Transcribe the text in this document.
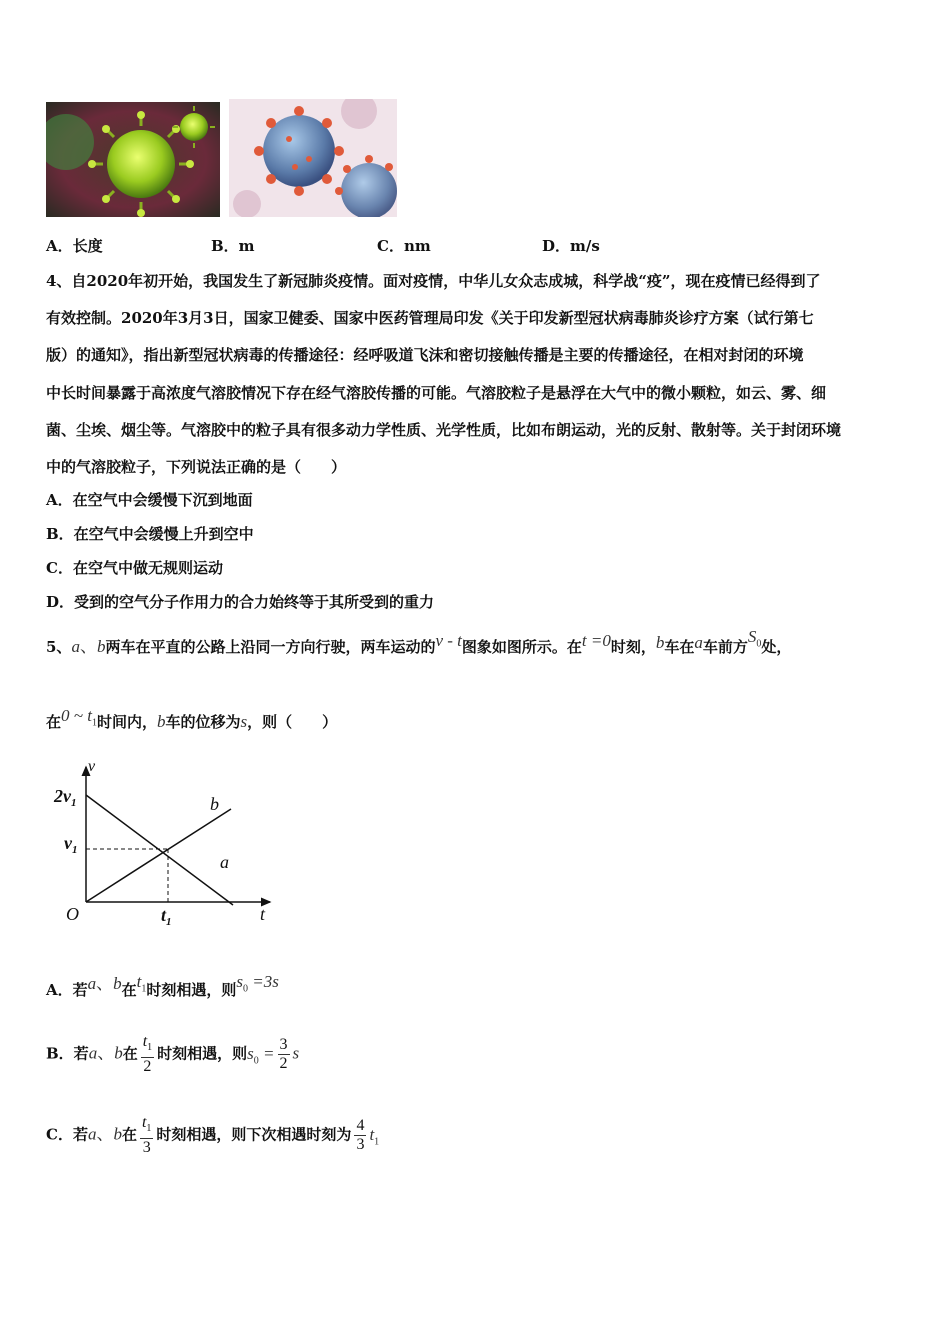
A．长度	B．m	C．nm	D．m/s
4、自2020年初开始，我国发生了新冠肺炎疫情。面对疫情，中华儿女众志成城，科学战“疫”，现在疫情已经得到了
有效控制。2020年3月3日，国家卫健委、国家中医药管理局印发《关于印发新型冠状病毒肺炎诊疗方案（试行第七
版）的通知》，指出新型冠状病毒的传播途径：经呼吸道飞沫和密切接触传播是主要的传播途径，在相对封闭的环境
中长时间暴露于高浓度气溶胶情况下存在经气溶胶传播的可能。气溶胶粒子是悬浮在大气中的微小颗粒，如云、雾、细
菌、尘埃、烟尘等。气溶胶中的粒子具有很多动力学性质、光学性质，比如布朗运动，光的反射、散射等。关于封闭环境
中的气溶胶粒子，下列说法正确的是（　　）
A．在空气中会缓慢下沉到地面
B．在空气中会缓慢上升到空中
C．在空气中做无规则运动
D．受到的空气分子作用力的合力始终等于其所受到的重力
5、a、b两车在平直的公路上沿同一方向行驶，两车运动的v - t图象如图所示。在t =0时刻，b车在a车前方$S_0$处，
在0 ~ $t_1$时间内，b车的位移为s，则（　　）
v
t
O
$2v_1$
$v_1$
$t_1$
b
a
A．若a、b在$t_1$时刻相遇，则$s_0 =3s$
B．若a、b在 $\frac{t_1}{2}$ 时刻相遇，则$s_0 = \frac{3}{2}$ s
C．若a、b在 $\frac{t_1}{3}$ 时刻相遇，则下次相遇时刻为 $\frac{4}{3} t_1$
